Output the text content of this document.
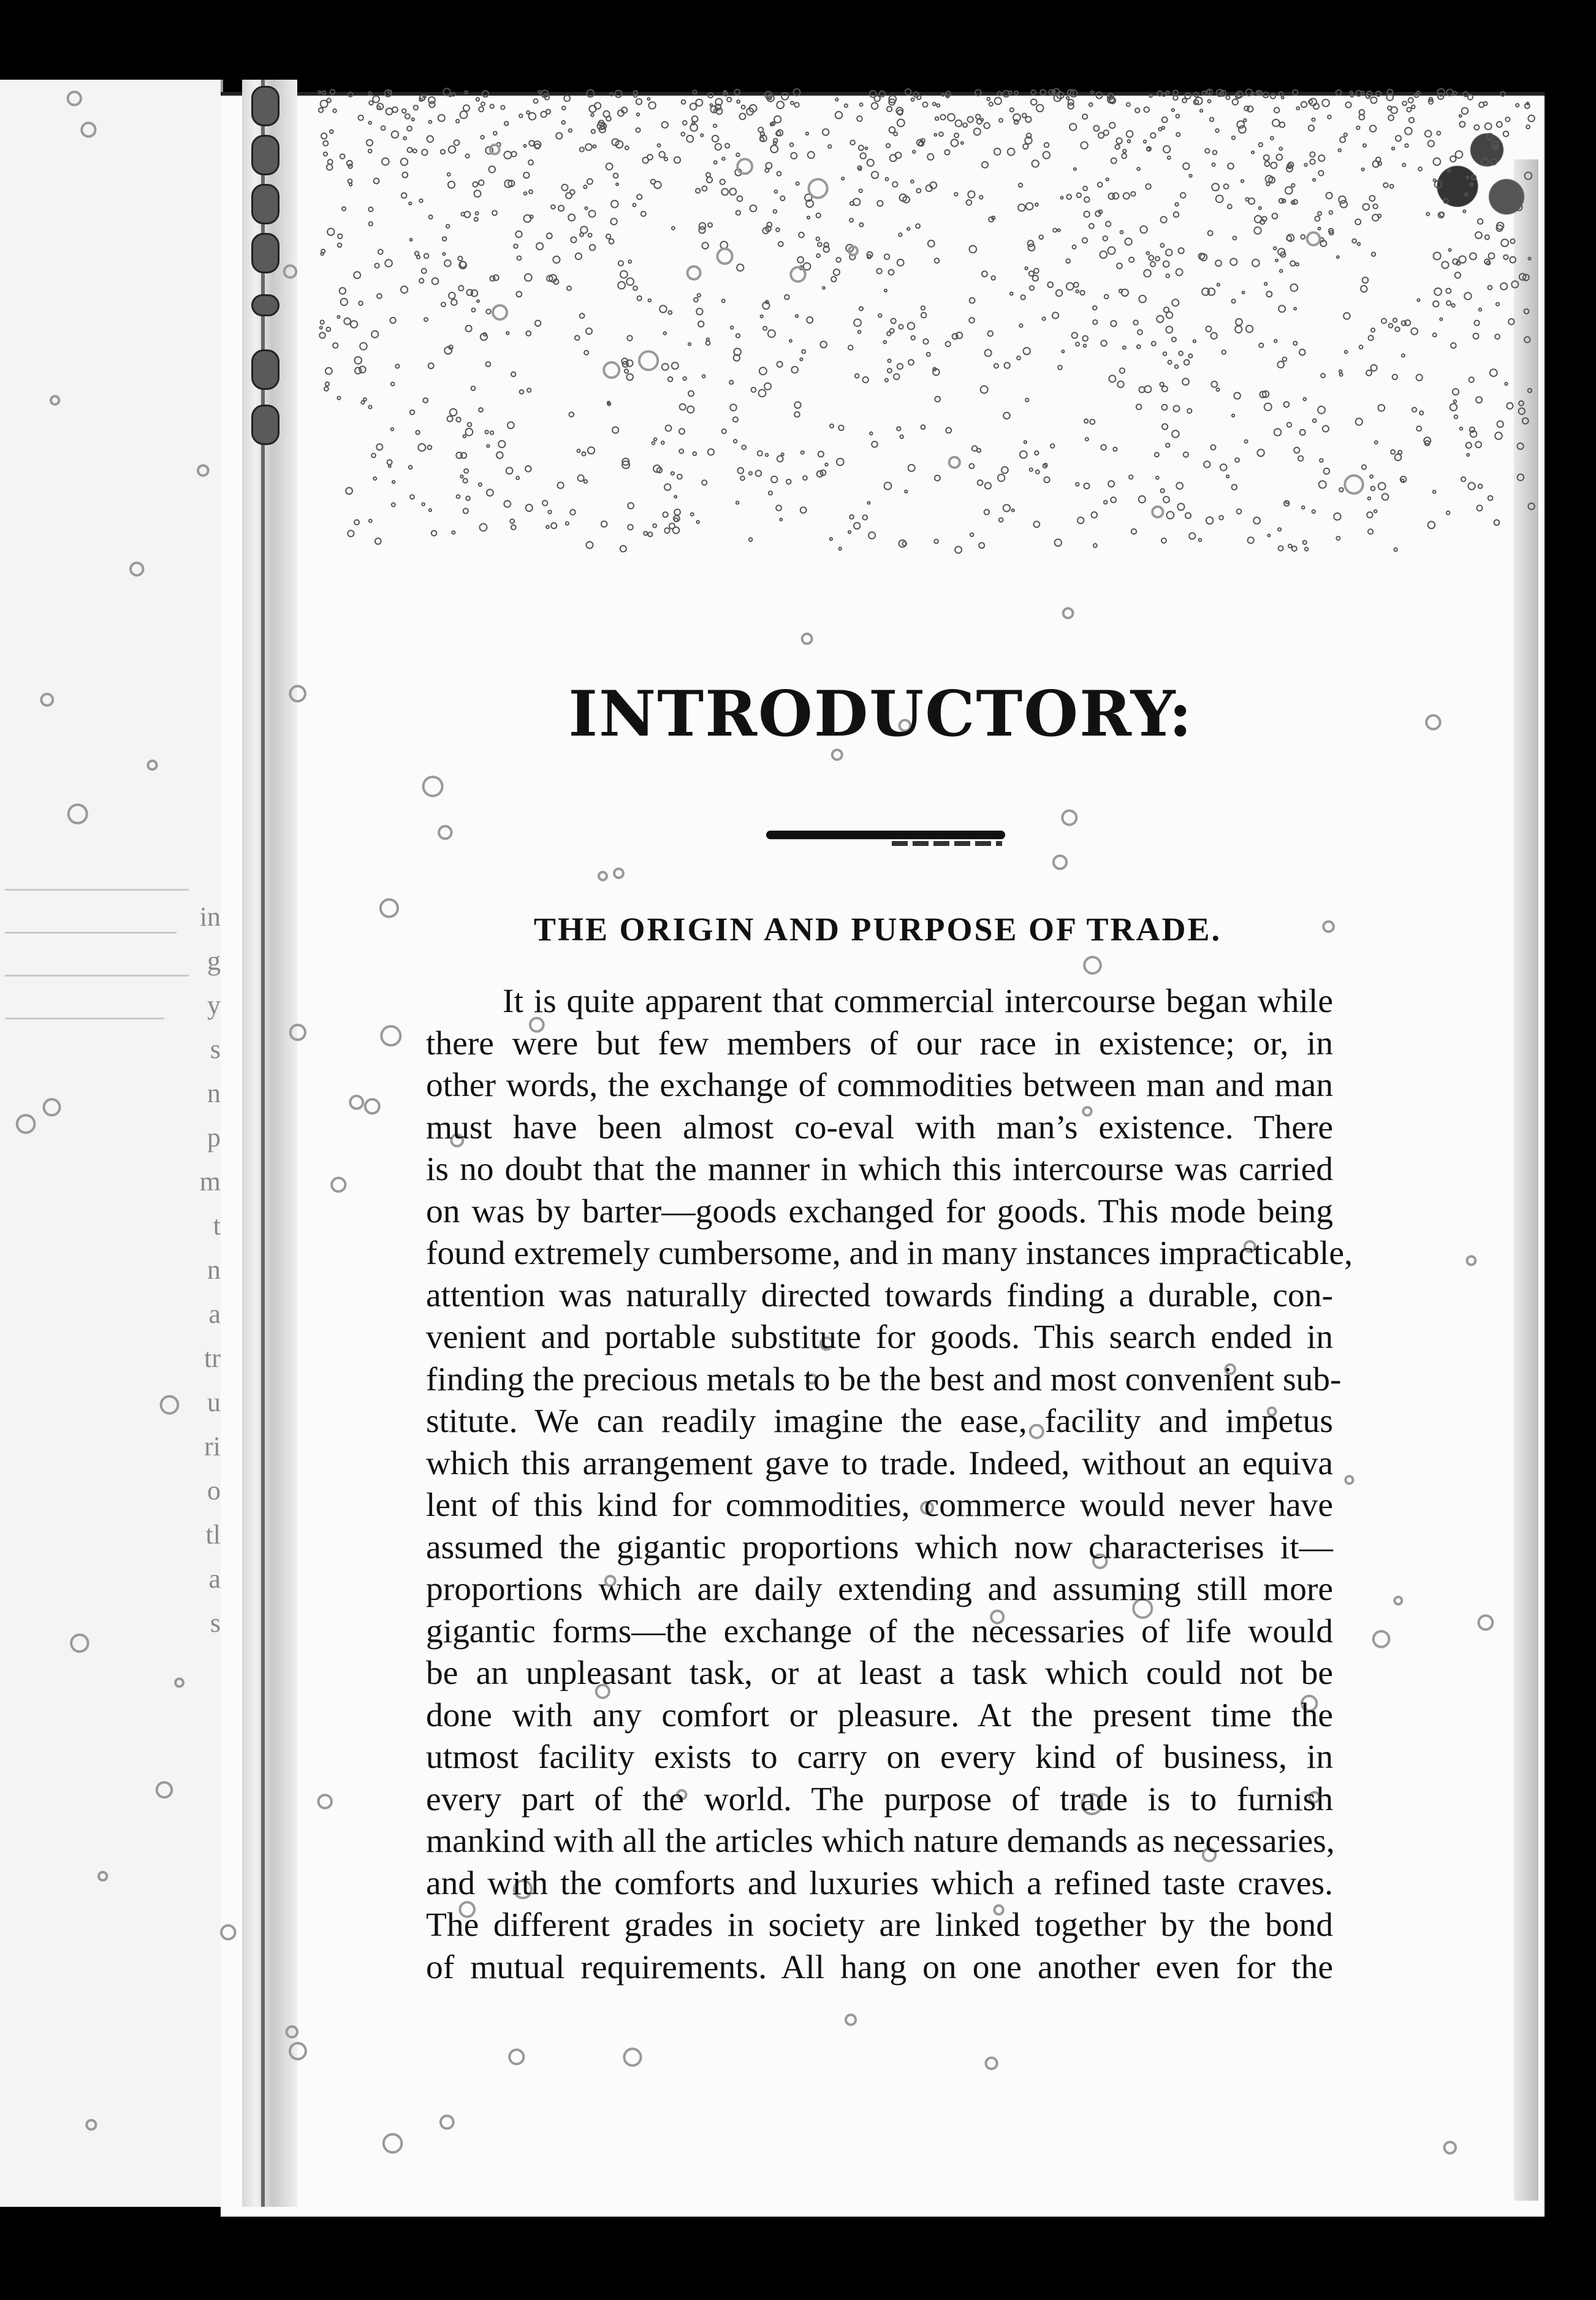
in
g
y
s
n
p
m
t
n
a
tr
u
ri
o
tl
a
s
INTRODUCTORY:
THE ORIGIN AND PURPOSE OF TRADE.
It is quite apparent that commercial intercourse began while
there were but few members of our race in existence; or, in
other words, the exchange of commodities between man and man
must have been almost co-eval with man’s existence. There
is no doubt that the manner in which this intercourse was carried
on was by barter—goods exchanged for goods. This mode being
found extremely cumbersome, and in many instances impracticable,
attention was naturally directed towards finding a durable, con-
venient and portable substitute for goods. This search ended in
finding the precious metals to be the best and most convenient sub-
stitute. We can readily imagine the ease, facility and impetus
which this arrangement gave to trade. Indeed, without an equiva
lent of this kind for commodities, commerce would never have
assumed the gigantic proportions which now characterises it—
proportions which are daily extending and assuming still more
gigantic forms—the exchange of the necessaries of life would
be an unpleasant task, or at least a task which could not be
done with any comfort or pleasure. At the present time the
utmost facility exists to carry on every kind of business, in
every part of the world. The purpose of trade is to furnish
mankind with all the articles which nature demands as necessaries,
and with the comforts and luxuries which a refined taste craves.
The different grades in society are linked together by the bond
of mutual requirements. All hang on one another even for the
